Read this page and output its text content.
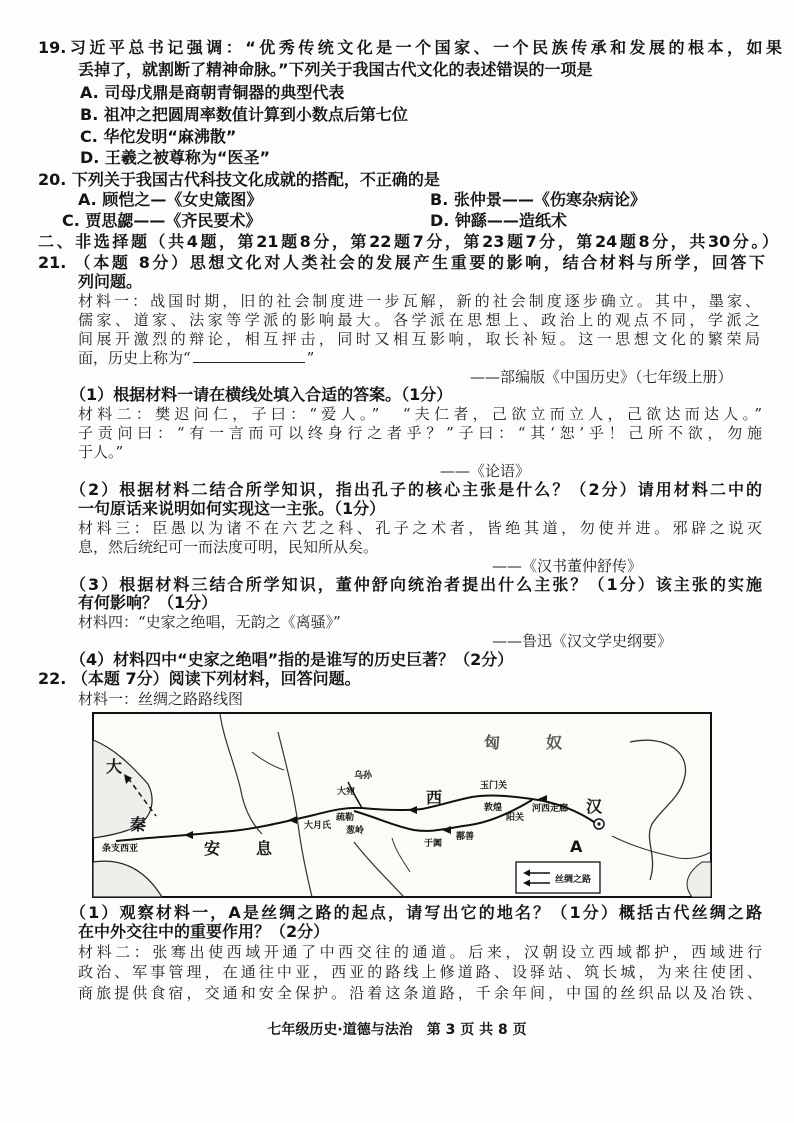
19.习近平总书记强调：“优秀传统文化是一个国家、一个民族传承和发展的根本，如果
丢掉了，就割断了精神命脉。”下列关于我国古代文化的表述错误的一项是
A. 司母戊鼎是商朝青铜器的典型代表
B. 祖冲之把圆周率数值计算到小数点后第七位
C. 华佗发明“麻沸散”
D. 王羲之被尊称为“医圣”
20. 下列关于我国古代科技文化成就的搭配，不正确的是
A. 顾恺之—《女史箴图》	B. 张仲景——《伤寒杂病论》
C. 贾思勰——《齐民要术》	D. 钟繇——造纸术
二、非选择题（共4题，第21题8分，第22题7分，第23题7分，第24题8分，共30分。）
21. （本题 8分）思想文化对人类社会的发展产生重要的影响，结合材料与所学，回答下
列问题。
材料一：战国时期，旧的社会制度进一步瓦解，新的社会制度逐步确立。其中，墨家、
儒家、道家、法家等学派的影响最大。各学派在思想上、政治上的观点不同，学派之
间展开激烈的辩论，相互抨击，同时又相互影响，取长补短。这一思想文化的繁荣局
面，历史上称为“	”
——部编版《中国历史》（七年级上册）
（1）根据材料一请在横线处填入合适的答案。（1分）
材料二：樊迟问仁，子曰：“爱人。”　“夫仁者，己欲立而立人，己欲达而达人。”
子贡问曰：“有一言而可以终身行之者乎？”子曰：“其‘恕’乎！己所不欲，勿施
于人。”
——《论语》
（2）根据材料二结合所学知识，指出孔子的核心主张是什么？（2分）请用材料二中的
一句原话来说明如何实现这一主张。（1分）
材料三：臣愚以为诸不在六艺之科、孔子之术者，皆绝其道，勿使并进。邪辟之说灭
息，然后统纪可一而法度可明，民知所从矣。
——《汉书董仲舒传》
（3）根据材料三结合所学知识，董仲舒向统治者提出什么主张？（1分）该主张的实施
有何影响？（1分）
材料四：“史家之绝唱，无韵之《离骚》”
——鲁迅《汉文学史纲要》
（4）材料四中“史家之绝唱”指的是谁写的历史巨著？（2分）
22. （本题 7分）阅读下列材料，回答问题。
材料一：丝绸之路路线图
匈	奴
大
秦
安 息
条支西亚
大宛
乌孙
疏勒
葱岭
大月氏
于阗
西
玉门关
敦煌
阳关
鄯善
河西走廊 汉
A
丝绸之路
（1）观察材料一，A是丝绸之路的起点，请写出它的地名？（1分）概括古代丝绸之路
在中外交往中的重要作用？（2分）
材料二：张骞出使西域开通了中西交往的通道。后来，汉朝设立西域都护，西域进行
政治、军事管理，在通往中亚，西亚的路线上修道路、设驿站、筑长城，为来往使团、
商旅提供食宿，交通和安全保护。沿着这条道路，千余年间，中国的丝织品以及冶铁、
七年级历史·道德与法治　第 3 页 共 8 页
